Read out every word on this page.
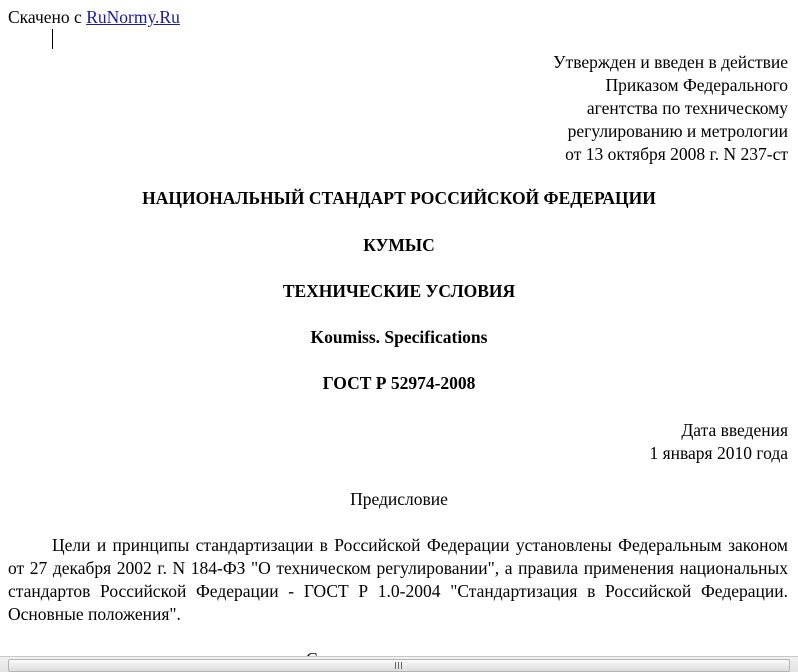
Скачено с RuNormy.Ru
Утвержден и введен в действие
Приказом Федерального
агентства по техническому
регулированию и метрологии
от 13 октября 2008 г. N 237-ст
НАЦИОНАЛЬНЫЙ СТАНДАРТ РОССИЙСКОЙ ФЕДЕРАЦИИ
КУМЫС
ТЕХНИЧЕСКИЕ УСЛОВИЯ
Koumiss. Specifications
ГОСТ Р 52974-2008
Дата введения
1 января 2010 года
Предисловие
Цели и принципы стандартизации в Российской Федерации установлены Федеральным законом от 27 декабря 2002 г. N 184-ФЗ "О техническом регулировании", а правила применения национальных стандартов Российской Федерации - ГОСТ Р 1.0-2004 "Стандартизация в Российской Федерации. Основные положения".
